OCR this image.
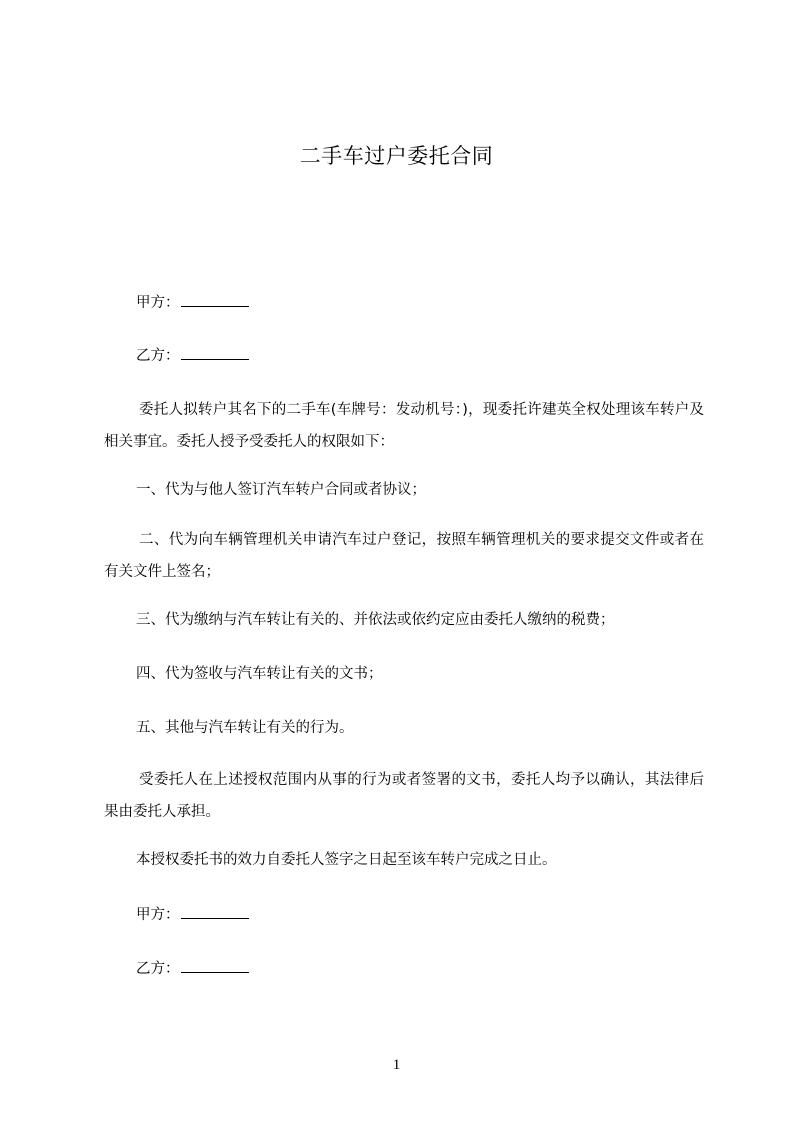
二手车过户委托合同
甲方：
乙方：
委托人拟转户其名下的二手车(车牌号：发动机号：)，现委托许建英全权处理该车转户及相关事宜。委托人授予受委托人的权限如下：
一、代为与他人签订汽车转户合同或者协议；
二、代为向车辆管理机关申请汽车过户登记，按照车辆管理机关的要求提交文件或者在有关文件上签名；
三、代为缴纳与汽车转让有关的、并依法或依约定应由委托人缴纳的税费；
四、代为签收与汽车转让有关的文书；
五、其他与汽车转让有关的行为。
受委托人在上述授权范围内从事的行为或者签署的文书，委托人均予以确认，其法律后果由委托人承担。
本授权委托书的效力自委托人签字之日起至该车转户完成之日止。
甲方：
乙方：
1
